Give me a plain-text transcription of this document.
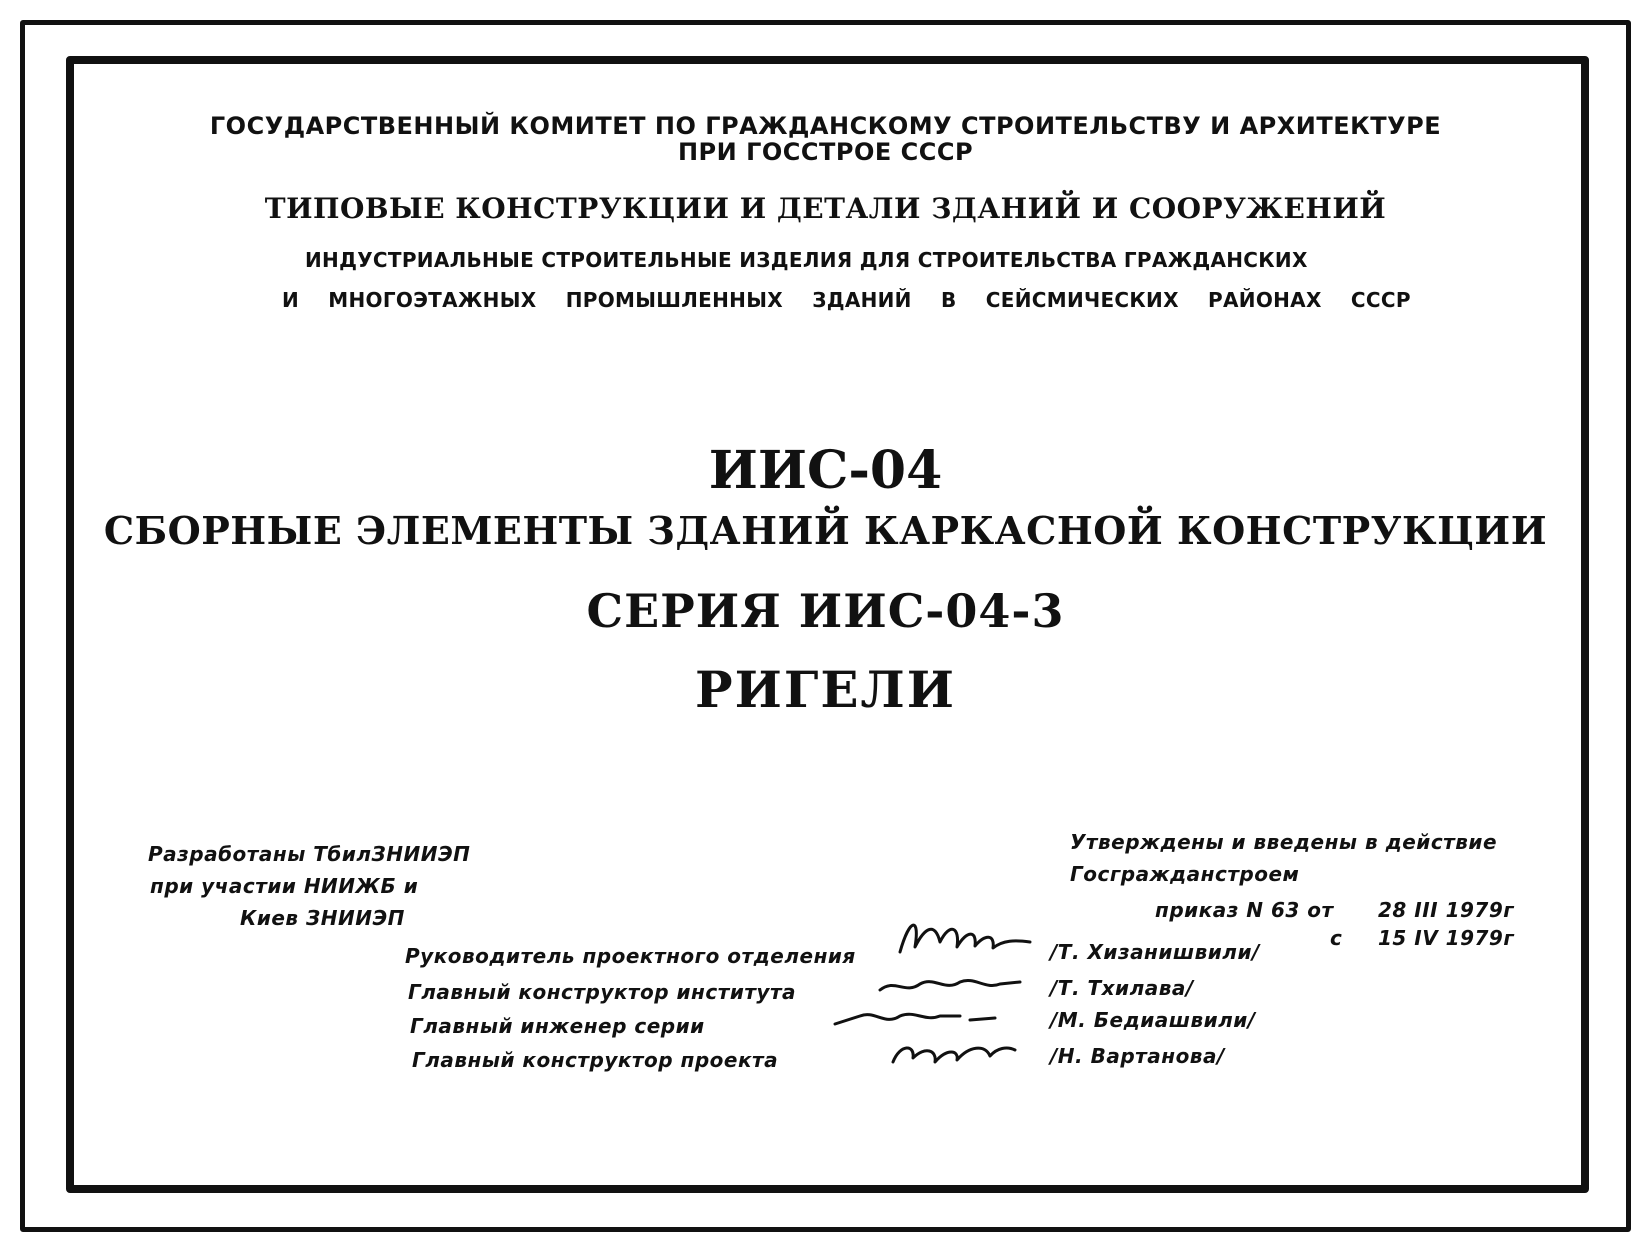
ГОСУДАРСТВЕННЫЙ КОМИТЕТ ПО ГРАЖДАНСКОМУ СТРОИТЕЛЬСТВУ И АРХИТЕКТУРЕ
ПРИ ГОССТРОЕ СССР
ТИПОВЫЕ КОНСТРУКЦИИ И ДЕТАЛИ ЗДАНИЙ И СООРУЖЕНИЙ
ИНДУСТРИАЛЬНЫЕ СТРОИТЕЛЬНЫЕ ИЗДЕЛИЯ ДЛЯ СТРОИТЕЛЬСТВА ГРАЖДАНСКИХ
И МНОГОЭТАЖНЫХ ПРОМЫШЛЕННЫХ ЗДАНИЙ В СЕЙСМИЧЕСКИХ РАЙОНАХ СССР
ИИС-04
СБОРНЫЕ ЭЛЕМЕНТЫ ЗДАНИЙ КАРКАСНОЙ КОНСТРУКЦИИ
СЕРИЯ ИИС-04-3
РИГЕЛИ
Разработаны ТбилЗНИИЭП
при участии НИИЖБ и
Киев ЗНИИЭП
Утверждены и введены в действие
Госгражданстроем
приказ N 63 от 28 III 1979г
с 15 IV 1979г
Руководитель проектного отделения	/Т. Хизанишвили/
Главный конструктор института	/Т. Тхилава/
Главный инженер серии	/М. Бедиашвили/
Главный конструктор проекта	/Н. Вартанова/
